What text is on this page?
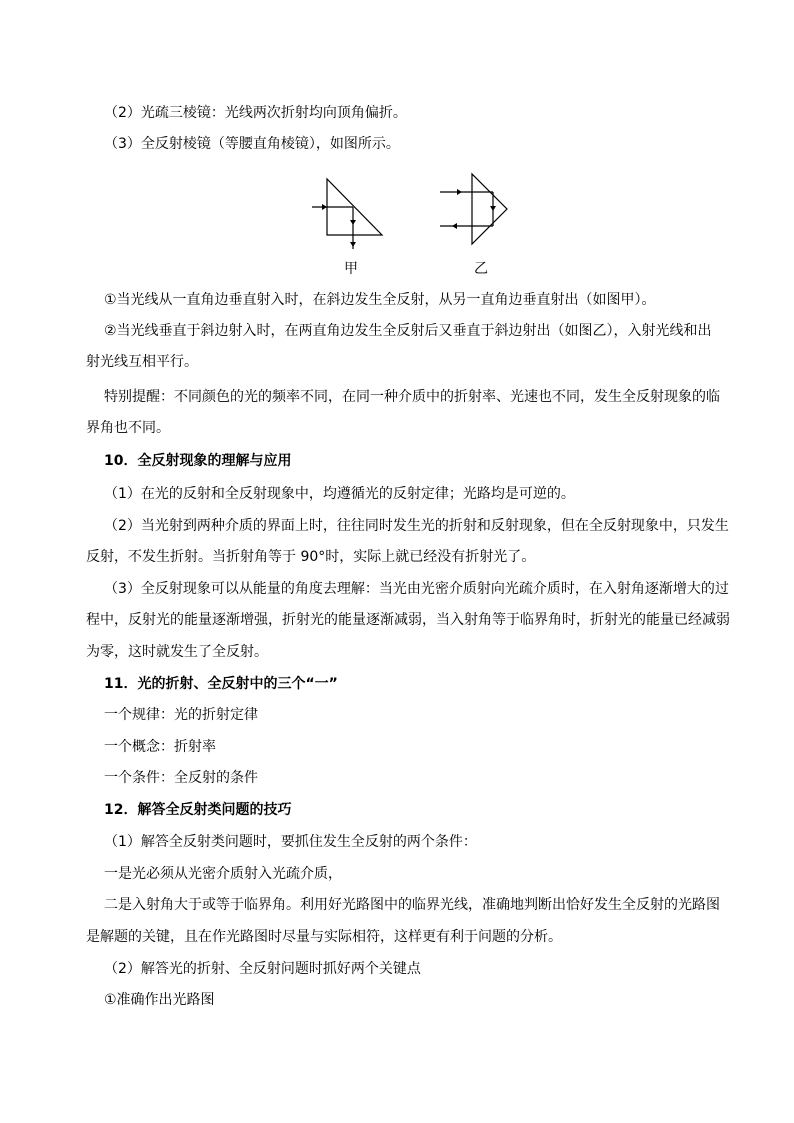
（2）光疏三棱镜：光线两次折射均向顶角偏折。
（3）全反射棱镜（等腰直角棱镜），如图所示。
甲	乙
①当光线从一直角边垂直射入时，在斜边发生全反射，从另一直角边垂直射出（如图甲）。
②当光线垂直于斜边射入时，在两直角边发生全反射后又垂直于斜边射出（如图乙），入射光线和出
射光线互相平行。
特别提醒：不同颜色的光的频率不同，在同一种介质中的折射率、光速也不同，发生全反射现象的临
界角也不同。
10．全反射现象的理解与应用
（1）在光的反射和全反射现象中，均遵循光的反射定律；光路均是可逆的。
（2）当光射到两种介质的界面上时，往往同时发生光的折射和反射现象，但在全反射现象中，只发生
反射，不发生折射。当折射角等于 90°时，实际上就已经没有折射光了。
（3）全反射现象可以从能量的角度去理解：当光由光密介质射向光疏介质时，在入射角逐渐增大的过
程中，反射光的能量逐渐增强，折射光的能量逐渐减弱，当入射角等于临界角时，折射光的能量已经减弱
为零，这时就发生了全反射。
11．光的折射、全反射中的三个“一”
一个规律：光的折射定律
一个概念：折射率
一个条件：全反射的条件
12．解答全反射类问题的技巧
（1）解答全反射类问题时，要抓住发生全反射的两个条件：
一是光必须从光密介质射入光疏介质，
二是入射角大于或等于临界角。利用好光路图中的临界光线，准确地判断出恰好发生全反射的光路图
是解题的关键，且在作光路图时尽量与实际相符，这样更有利于问题的分析。
（2）解答光的折射、全反射问题时抓好两个关键点
①准确作出光路图
